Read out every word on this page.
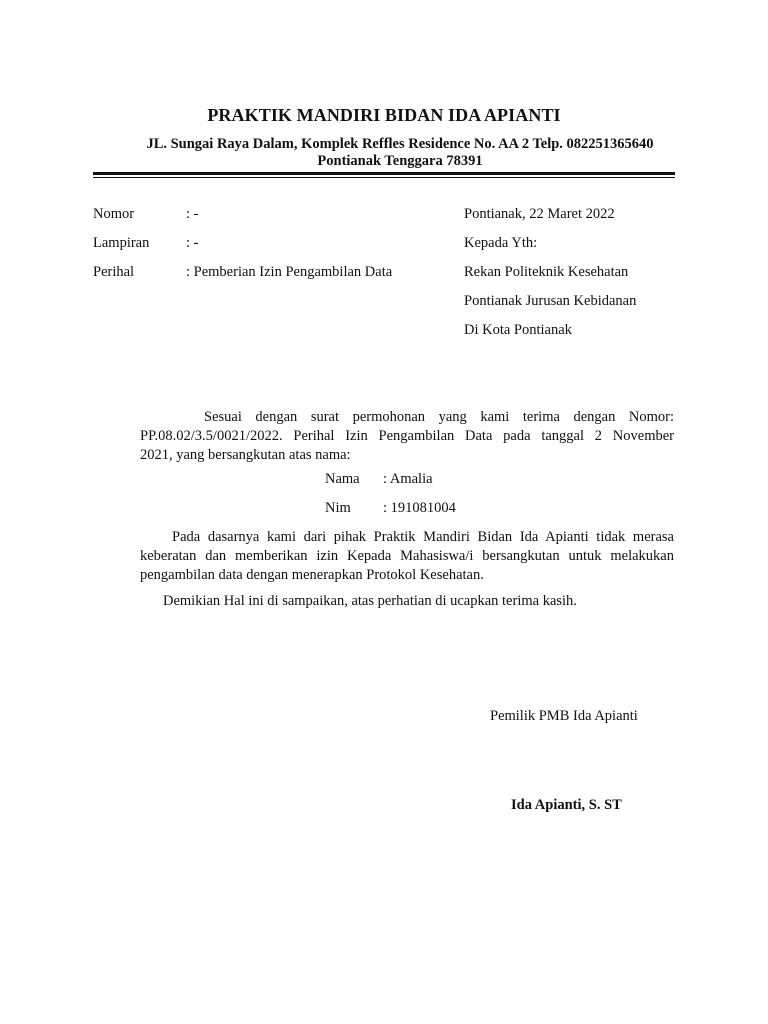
PRAKTIK MANDIRI BIDAN IDA APIANTI
JL. Sungai Raya Dalam, Komplek Reffles Residence No. AA 2 Telp. 082251365640
Pontianak Tenggara 78391
Nomor	: -
Lampiran	: -
Perihal	: Pemberian Izin Pengambilan Data
Pontianak, 22 Maret 2022
Kepada Yth:
Rekan Politeknik Kesehatan
Pontianak Jurusan Kebidanan
Di Kota Pontianak
Sesuai dengan surat permohonan yang kami terima dengan Nomor:
PP.08.02/3.5/0021/2022. Perihal Izin Pengambilan Data pada tanggal 2 November
2021, yang bersangkutan atas nama:
Nama : Amalia
Nim : 191081004
Pada dasarnya kami dari pihak Praktik Mandiri Bidan Ida Apianti tidak merasa
keberatan dan memberikan izin Kepada Mahasiswa/i bersangkutan untuk melakukan
pengambilan data dengan menerapkan Protokol Kesehatan.
Demikian Hal ini di sampaikan, atas perhatian di ucapkan terima kasih.
Pemilik PMB Ida Apianti
Ida Apianti, S. ST
